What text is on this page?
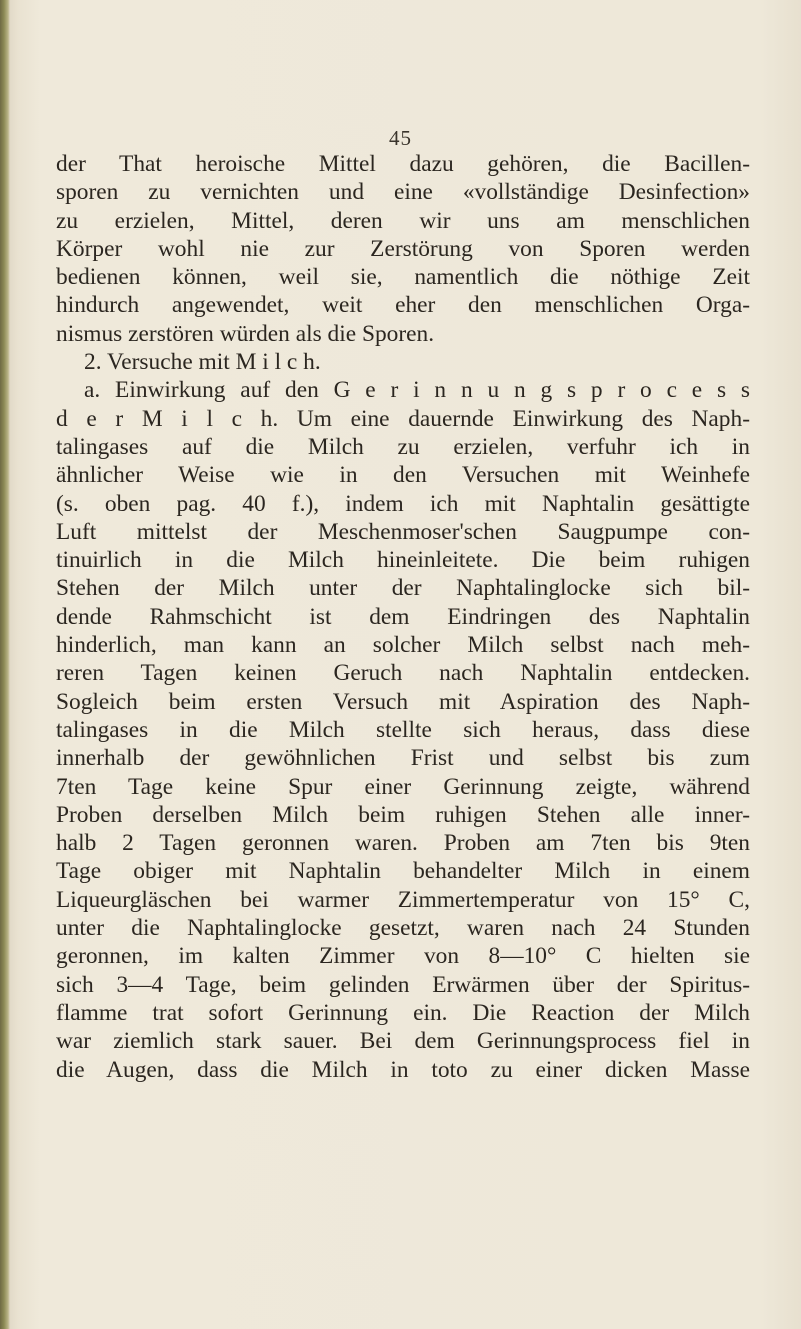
45
der That heroische Mittel dazu gehören, die Bacillen-
sporen zu vernichten und eine «vollständige Desinfection»
zu erzielen, Mittel, deren wir uns am menschlichen
Körper wohl nie zur Zerstörung von Sporen werden
bedienen können, weil sie, namentlich die nöthige Zeit
hindurch angewendet, weit eher den menschlichen Orga-
nismus zerstören würden als die Sporen.
2. Versuche mit M i l c h.
a. Einwirkung auf den G e r i n n u n g s p r o c e s s
d e r M i l c h. Um eine dauernde Einwirkung des Naph-
talingases auf die Milch zu erzielen, verfuhr ich in
ähnlicher Weise wie in den Versuchen mit Weinhefe
(s. oben pag. 40 f.), indem ich mit Naphtalin gesättigte
Luft mittelst der Meschenmoser'schen Saugpumpe con-
tinuirlich in die Milch hineinleitete. Die beim ruhigen
Stehen der Milch unter der Naphtalinglocke sich bil-
dende Rahmschicht ist dem Eindringen des Naphtalin
hinderlich, man kann an solcher Milch selbst nach meh-
reren Tagen keinen Geruch nach Naphtalin entdecken.
Sogleich beim ersten Versuch mit Aspiration des Naph-
talingases in die Milch stellte sich heraus, dass diese
innerhalb der gewöhnlichen Frist und selbst bis zum
7ten Tage keine Spur einer Gerinnung zeigte, während
Proben derselben Milch beim ruhigen Stehen alle inner-
halb 2 Tagen geronnen waren. Proben am 7ten bis 9ten
Tage obiger mit Naphtalin behandelter Milch in einem
Liqueurgläschen bei warmer Zimmertemperatur von 15° C,
unter die Naphtalinglocke gesetzt, waren nach 24 Stunden
geronnen, im kalten Zimmer von 8—10° C hielten sie
sich 3—4 Tage, beim gelinden Erwärmen über der Spiritus-
flamme trat sofort Gerinnung ein. Die Reaction der Milch
war ziemlich stark sauer. Bei dem Gerinnungsprocess fiel in
die Augen, dass die Milch in toto zu einer dicken Masse
